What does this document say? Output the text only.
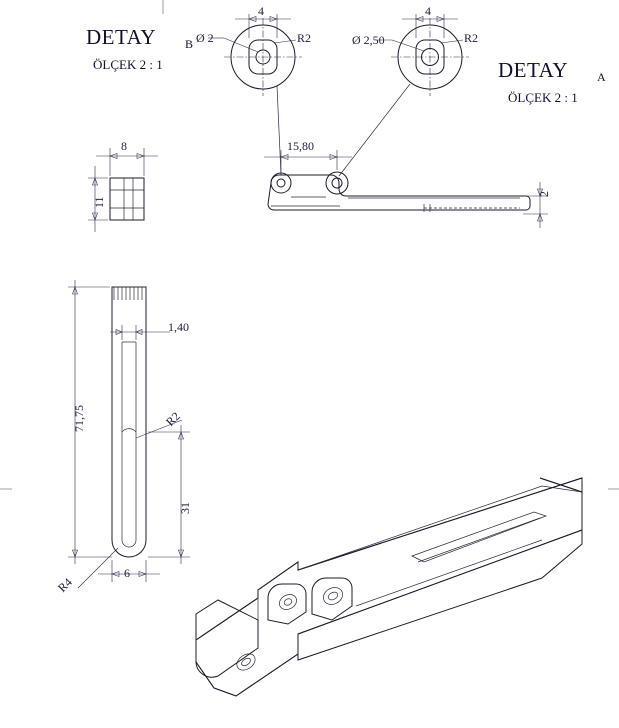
DETAY B
ÖLÇEK 2 : 1
Ø 2
4
R2
DETAY A
ÖLÇEK 2 : 1
Ø 2,50
4
R2
8
11
15,80
2
71,75
1,40
R2
31
R4
6
